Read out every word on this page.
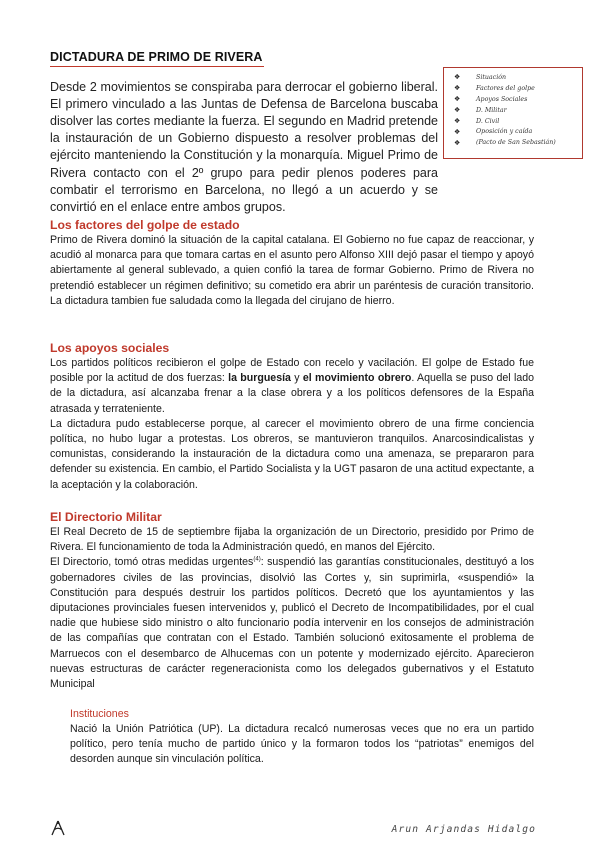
DICTADURA DE PRIMO DE RIVERA

Desde 2 movimientos se conspiraba para derrocar el gobierno liberal. El primero vinculado a las Juntas de Defensa de Barcelona buscaba disolver las cortes mediante la fuerza. El segundo en Madrid pretende la instauración de un Gobierno dispuesto a resolver problemas del ejército manteniendo la Constitución y la monarquía. Miguel Primo de Rivera contacto con el 2º grupo para pedir plenos poderes para combatir el terrorismo en Barcelona, no llegó a un acuerdo y se convirtió en el enlace entre ambos grupos.

❖	Situación
❖	Factores del golpe
❖	Apoyos Sociales
❖	D. Militar
❖	D. Civil
❖	Oposición y caída
❖	(Pacto de San Sebastián)
Los factores del golpe de estado

Primo de Rivera dominó la situación de la capital catalana. El Gobierno no fue capaz de reaccionar, y acudió al monarca para que tomara cartas en el asunto pero Alfonso XIII dejó pasar el tiempo y apoyó abiertamente al general sublevado, a quien confió la tarea de formar Gobierno. Primo de Rivera no pretendió establecer un régimen definitivo; su cometido era abrir un paréntesis de curación transitorio. La dictadura tambien fue saludada como la llegada del cirujano de hierro.

Los apoyos sociales

Los partidos políticos recibieron el golpe de Estado con recelo y vacilación. El golpe de Estado fue posible por la actitud de dos fuerzas: la burguesía y el movimiento obrero. Aquella se puso del lado de la dictadura, así alcanzaba frenar a la clase obrera y a los políticos defensores de la España atrasada y terrateniente.

La dictadura pudo establecerse porque, al carecer el movimiento obrero de una firme conciencia política, no hubo lugar a protestas. Los obreros, se mantuvieron tranquilos. Anarcosindicalistas y comunistas, considerando la instauración de la dictadura como una amenaza, se prepararon para defender su existencia. En cambio, el Partido Socialista y la UGT pasaron de una actitud expectante, a la aceptación y la colaboración.

El Directorio Militar

El Real Decreto de 15 de septiembre fijaba la organización de un Directorio, presidido por Primo de Rivera. El funcionamiento de toda la Administración quedó, en manos del Ejército.

El Directorio, tomó otras medidas urgentes$^{(4)}$: suspendió las garantías constitucionales, destituyó a los gobernadores civiles de las provincias, disolvió las Cortes y, sin suprimirla, «suspendió» la Constitución para después destruir los partidos políticos. Decretó que los ayuntamientos y las diputaciones provinciales fuesen intervenidos y, publicó el Decreto de Incompatibilidades, por el cual nadie que hubiese sido ministro o alto funcionario podía intervenir en los consejos de administración de las compañías que contratan con el Estado. También solucionó exitosamente el problema de Marruecos con el desembarco de Alhucemas con un potente y modernizado ejército. Aparecieron nuevas estructuras de carácter regeneracionista como los delegados gubernativos y el Estatuto Municipal

Instituciones

Nació la Unión Patriótica (UP). La dictadura recalcó numerosas veces que no era un partido político, pero tenía mucho de partido único y la formaron todos los “patriotas” enemigos del desorden aunque sin vinculación política.

Arun Arjandas Hidalgo
